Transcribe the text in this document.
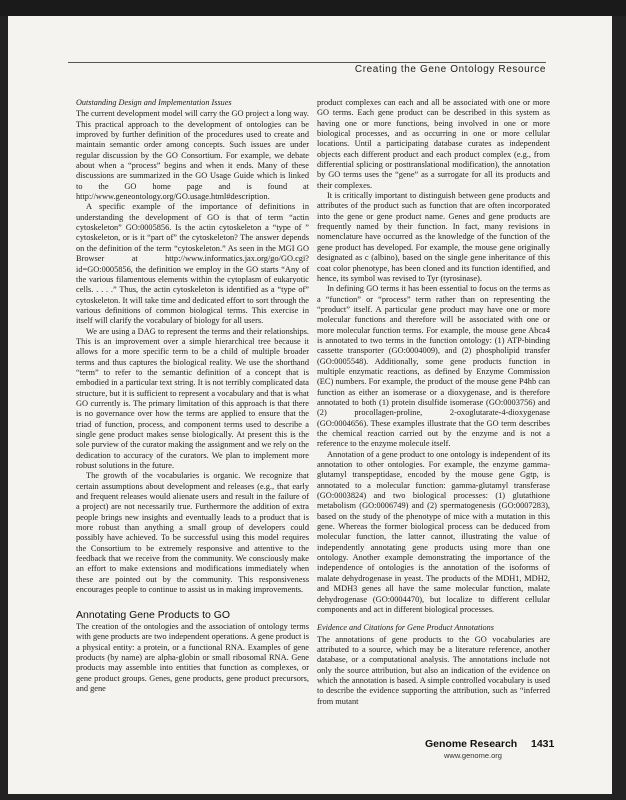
Creating the Gene Ontology Resource
Outstanding Design and Implementation Issues

The current development model will carry the GO project a long way. This practical approach to the development of ontologies can be improved by further definition of the procedures used to create and maintain semantic order among concepts. Such issues are under regular discussion by the GO Consortium. For example, we debate about when a “process” begins and when it ends. Many of these discussions are summarized in the GO Usage Guide which is linked to the GO home page and is found at http://www.geneontology.org/GO.usage.html#description.

A specific example of the importance of definitions in understanding the development of GO is that of term “actin cytoskeleton” GO:0005856. Is the actin cytoskeleton a “type of ” cytoskeleton, or is it “part of” the cytoskeleton? The answer depends on the definition of the term “cytoskeleton.” As seen in the MGI GO Browser at http://www.informatics.jax.org/go/GO.cgi?id=GO:0005856, the definition we employ in the GO starts “Any of the various filamentous elements within the cytoplasm of eukaryotic cells. . . . .” Thus, the actin cytoskeleton is identified as a “type of” cytoskeleton. It will take time and dedicated effort to sort through the various definitions of common biological terms. This exercise in itself will clarify the vocabulary of biology for all users.

We are using a DAG to represent the terms and their relationships. This is an improvement over a simple hierarchical tree because it allows for a more specific term to be a child of multiple broader terms and thus captures the biological reality. We use the shorthand “term” to refer to the semantic definition of a concept that is embodied in a particular text string. It is not terribly complicated data structure, but it is sufficient to represent a vocabulary and that is what GO currently is. The primary limitation of this approach is that there is no governance over how the terms are applied to ensure that the triad of function, process, and component terms used to describe a single gene product makes sense biologically. At present this is the sole purview of the curator making the assignment and we rely on the dedication to accuracy of the curators. We plan to implement more robust solutions in the future.

The growth of the vocabularies is organic. We recognize that certain assumptions about development and releases (e.g., that early and frequent releases would alienate users and result in the failure of a project) are not necessarily true. Furthermore the addition of extra people brings new insights and eventually leads to a product that is more robust than anything a small group of developers could possibly have achieved. To be successful using this model requires the Consortium to be extremely responsive and attentive to the feedback that we receive from the community. We consciously make an effort to make extensions and modifications immediately when these are pointed out by the community. This responsiveness encourages people to continue to assist us in making improvements.

Annotating Gene Products to GO

The creation of the ontologies and the association of ontology terms with gene products are two independent operations. A gene product is a physical entity: a protein, or a functional RNA. Examples of gene products (by name) are alpha-globin or small ribosomal RNA. Gene products may assemble into entities that function as complexes, or gene product groups. Genes, gene products, gene product precursors, and gene

product complexes can each and all be associated with one or more GO terms. Each gene product can be described in this system as having one or more functions, being involved in one or more biological processes, and as occurring in one or more cellular locations. Until a participating database curates as independent objects each different product and each product complex (e.g., from differential splicing or posttranslational modification), the annotation by GO terms uses the “gene” as a surrogate for all its products and their complexes.

It is critically important to distinguish between gene products and attributes of the product such as function that are often incorporated into the gene or gene product name. Genes and gene products are frequently named by their function. In fact, many revisions in nomenclature have occurred as the knowledge of the function of the gene product has developed. For example, the mouse gene originally designated as c (albino), based on the single gene inheritance of this coat color phenotype, has been cloned and its function identified, and hence, its symbol was revised to Tyr (tyrosinase).

In defining GO terms it has been essential to focus on the terms as a “function” or “process” term rather than on representing the “product” itself. A particular gene product may have one or more molecular functions and therefore will be associated with one or more molecular function terms. For example, the mouse gene Abca4 is annotated to two terms in the function ontology: (1) ATP-binding cassette transporter (GO:0004009), and (2) phospholipid transfer (GO:0005548). Additionally, some gene products function in multiple enzymatic reactions, as defined by Enzyme Commission (EC) numbers. For example, the product of the mouse gene P4hb can function as either an isomerase or a dioxygenase, and is therefore annotated to both (1) protein disulfide isomerase (GO:0003756) and (2) procollagen-proline, 2-oxoglutarate-4-dioxygenase (GO:0004656). These examples illustrate that the GO term describes the chemical reaction carried out by the enzyme and is not a reference to the enzyme molecule itself.

Annotation of a gene product to one ontology is independent of its annotation to other ontologies. For example, the enzyme gamma-glutamyl transpeptidase, encoded by the mouse gene Ggtp, is annotated to a molecular function: gamma-glutamyl transferase (GO:0003824) and two biological processes: (1) glutathione metabolism (GO:0006749) and (2) spermatogenesis (GO:0007283), based on the study of the phenotype of mice with a mutation in this gene. Whereas the former biological process can be deduced from molecular function, the latter cannot, illustrating the value of independently annotating gene products using more than one ontology. Another example demonstrating the importance of the independence of ontologies is the annotation of the isoforms of malate dehydrogenase in yeast. The products of the MDH1, MDH2, and MDH3 genes all have the same molecular function, malate dehydrogenase (GO:0004470), but localize to different cellular components and act in different biological processes.

Evidence and Citations for Gene Product Annotations

The annotations of gene products to the GO vocabularies are attributed to a source, which may be a literature reference, another database, or a computational analysis. The annotations include not only the source attribution, but also an indication of the evidence on which the annotation is based. A simple controlled vocabulary is used to describe the evidence supporting the attribution, such as “inferred from mutant

Genome Research 1431
www.genome.org
